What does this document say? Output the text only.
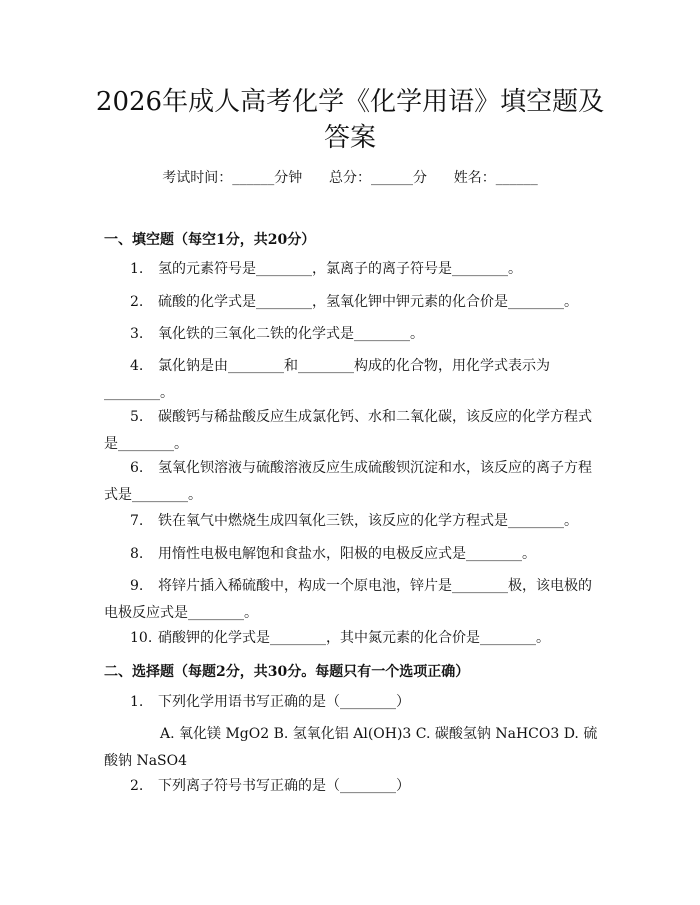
2026年成人高考化学《化学用语》填空题及答案
考试时间：______分钟 总分：______分 姓名：______
一、填空题（每空1分，共20分）
1. 氢的元素符号是________，氯离子的离子符号是________。
2. 硫酸的化学式是________，氢氧化钾中钾元素的化合价是________。
3. 氧化铁的三氧化二铁的化学式是________。
4. 氯化钠是由________和________构成的化合物，用化学式表示为________。
5. 碳酸钙与稀盐酸反应生成氯化钙、水和二氧化碳，该反应的化学方程式是________。
6. 氢氧化钡溶液与硫酸溶液反应生成硫酸钡沉淀和水，该反应的离子方程式是________。
7. 铁在氧气中燃烧生成四氧化三铁，该反应的化学方程式是________。
8. 用惰性电极电解饱和食盐水，阳极的电极反应式是________。
9. 将锌片插入稀硫酸中，构成一个原电池，锌片是________极，该电极的电极反应式是________。
10. 硝酸钾的化学式是________，其中氮元素的化合价是________。
二、选择题（每题2分，共30分。每题只有一个选项正确）
1. 下列化学用语书写正确的是（________）
A. 氧化镁 MgO2 B. 氢氧化铝 Al(OH)3 C. 碳酸氢钠 NaHCO3 D. 硫酸钠 NaSO4
2. 下列离子符号书写正确的是（________）
